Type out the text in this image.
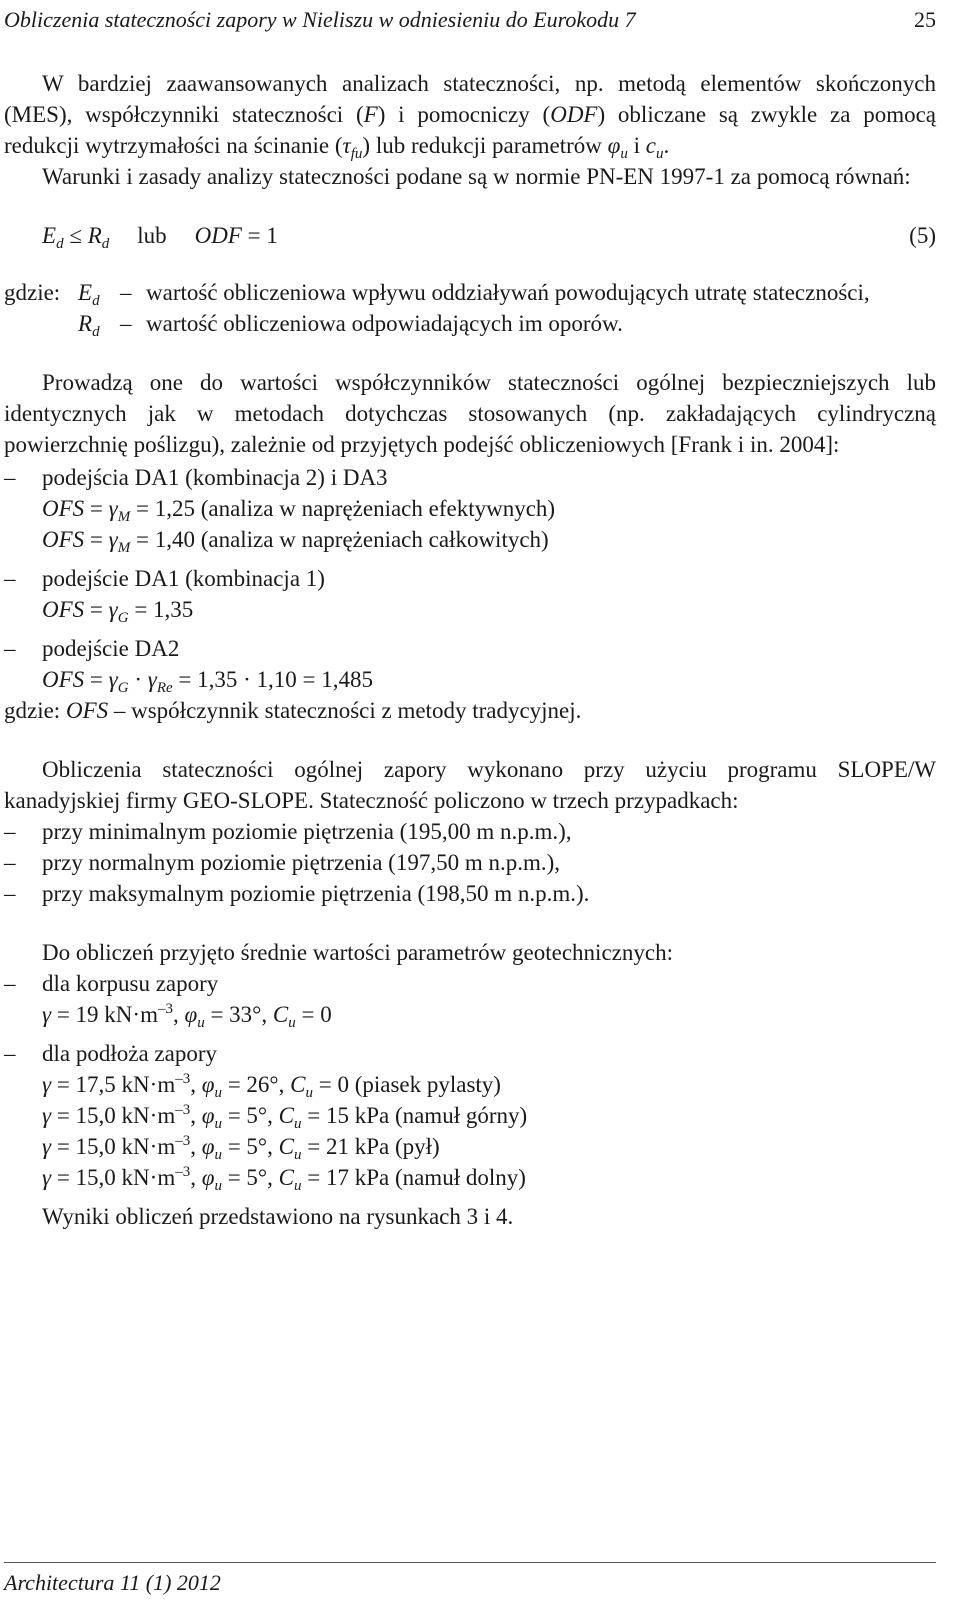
Obliczenia stateczności zapory w Nieliszu w odniesieniu do Eurokodu 7	25

W bardziej zaawansowanych analizach stateczności, np. metodą elementów skończonych (MES), współczynniki stateczności (F) i pomocniczy (ODF) obliczane są zwykle za pomocą redukcji wytrzymałości na ścinanie $(\tau_{fu})$ lub redukcji parametrów $\varphi_u$ i $c_u$.

Warunki i zasady analizy stateczności podane są w normie PN-EN 1997-1 za pomocą równań:

$E_d \le R_d$ lub ODF = 1	(5)
gdzie: $E_d$ – wartość obliczeniowa wpływu oddziaływań powodujących utratę stateczności,
$R_d$ – wartość obliczeniowa odpowiadających im oporów.

Prowadzą one do wartości współczynników stateczności ogólnej bezpieczniejszych lub identycznych jak w metodach dotychczas stosowanych (np. zakładających cylindryczną powierzchnię poślizgu), zależnie od przyjętych podejść obliczeniowych [Frank i in. 2004]:

–	podejścia DA1 (kombinacja 2) i DA3
OFS = $\gamma_M = 1,25$ (analiza w naprężeniach efektywnych)
OFS = $\gamma_M = 1,40$ (analiza w naprężeniach całkowitych)
–	podejście DA1 (kombinacja 1)
OFS = $\gamma_G = 1,35$
–	podejście DA2
OFS = $\gamma_G \cdot \gamma_{Re} = 1,35 \cdot 1,10 = 1,485$

gdzie: OFS – współczynnik stateczności z metody tradycyjnej.

Obliczenia stateczności ogólnej zapory wykonano przy użyciu programu SLOPE/W kanadyjskiej firmy GEO-SLOPE. Stateczność policzono w trzech przypadkach:

–	przy minimalnym poziomie piętrzenia (195,00 m n.p.m.),
–	przy normalnym poziomie piętrzenia (197,50 m n.p.m.),
–	przy maksymalnym poziomie piętrzenia (198,50 m n.p.m.).

Do obliczeń przyjęto średnie wartości parametrów geotechnicznych:

–	dla korpusu zapory
γ = 19 $kN\cdot m^{-3}$, $\varphi_u = 33^\circ$, $C_u = 0$
–	dla podłoża zapory
γ = 17,5 $kN\cdot m^{-3}$, $\varphi_u = 26^\circ$, $C_u = 0$ (piasek pylasty)
γ = 15,0 $kN\cdot m^{-3}$, $\varphi_u = 5^\circ$, $C_u = 15$ kPa (namuł górny)
γ = 15,0 $kN\cdot m^{-3}$, $\varphi_u = 5^\circ$, $C_u = 21$ kPa (pył)
γ = 15,0 $kN\cdot m^{-3}$, $\varphi_u = 5^\circ$, $C_u = 17$ kPa (namuł dolny)

Wyniki obliczeń przedstawiono na rysunkach 3 i 4.

Architectura 11 (1) 2012
